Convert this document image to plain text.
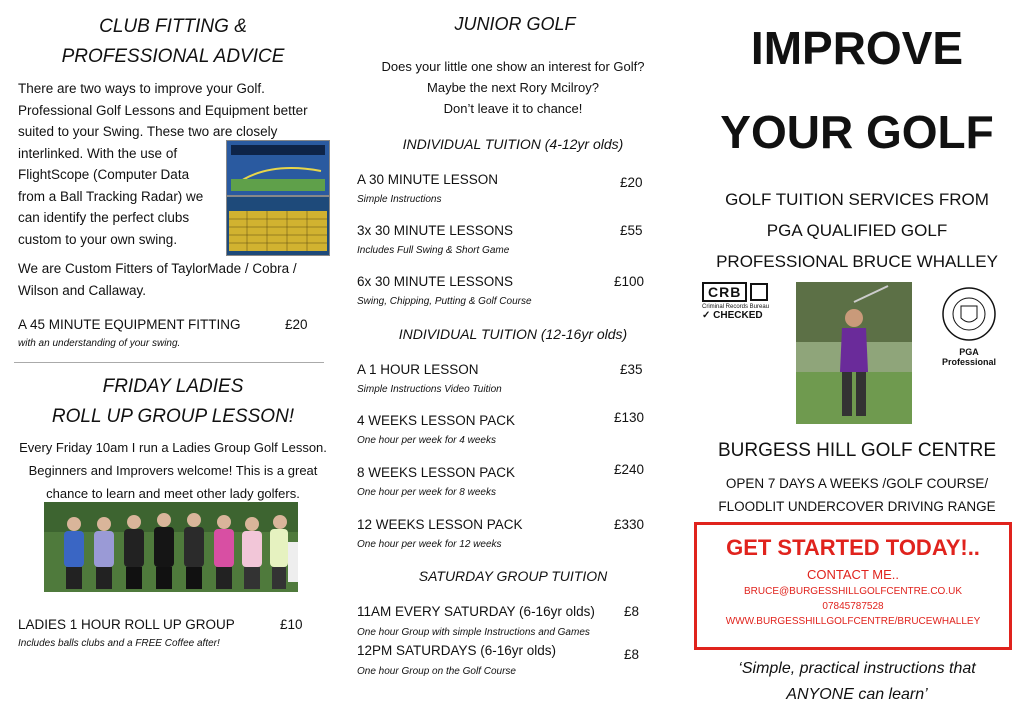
CLUB FITTING &
PROFESSIONAL ADVICE
There are two ways to improve your Golf.
Professional Golf Lessons and Equipment better
suited to your Swing. These two are closely
interlinked. With the use of
FlightScope (Computer Data
from a Ball Tracking Radar) we
can identify the perfect clubs
custom to your own swing.
We are Custom Fitters of TaylorMade / Cobra /
Wilson and Callaway.
A 45 MINUTE EQUIPMENT FITTING	£20
with an understanding of your swing.
FRIDAY LADIES
ROLL UP GROUP LESSON!
Every Friday 10am I run a Ladies Group Golf Lesson.
Beginners and Improvers welcome! This is a great
chance to learn and meet other lady golfers.
LADIES 1 HOUR ROLL UP GROUP	£10
Includes balls clubs and a FREE Coffee after!
JUNIOR GOLF
Does your little one show an interest for Golf?
Maybe the next Rory Mcilroy?
Don’t leave it to chance!
INDIVIDUAL TUITION (4-12yr olds)
A 30 MINUTE LESSON	£20
Simple Instructions
3x 30 MINUTE LESSONS	£55
Includes Full Swing & Short Game
6x 30 MINUTE LESSONS	£100
Swing, Chipping, Putting & Golf Course
INDIVIDUAL TUITION (12-16yr olds)
A 1 HOUR LESSON	£35
Simple Instructions Video Tuition
4 WEEKS LESSON PACK	£130
One hour per week for 4 weeks
8 WEEKS LESSON PACK	£240
One hour per week for 8 weeks
12 WEEKS LESSON PACK	£330
One hour per week for 12 weeks
SATURDAY GROUP TUITION
11AM EVERY SATURDAY (6-16yr olds) £8
One hour Group with simple Instructions and Games
12PM SATURDAYS (6-16yr olds)	£8
One hour Group on the Golf Course
IMPROVE
YOUR GOLF
GOLF TUITION SERVICES FROM
PGA QUALIFIED GOLF
PROFESSIONAL BRUCE WHALLEY
CRB
Criminal Records Bureau
✓ CHECKED
PGA Professional
BURGESS HILL GOLF CENTRE
OPEN 7 DAYS A WEEKS /GOLF COURSE/
FLOODLIT UNDERCOVER DRIVING RANGE
GET STARTED TODAY!..
CONTACT ME..
BRUCE@BURGESSHILLGOLFCENTRE.CO.UK
07845787528
WWW.BURGESSHILLGOLFCENTRE/BRUCEWHALLEY
‘Simple, practical instructions that
ANYONE can learn’
